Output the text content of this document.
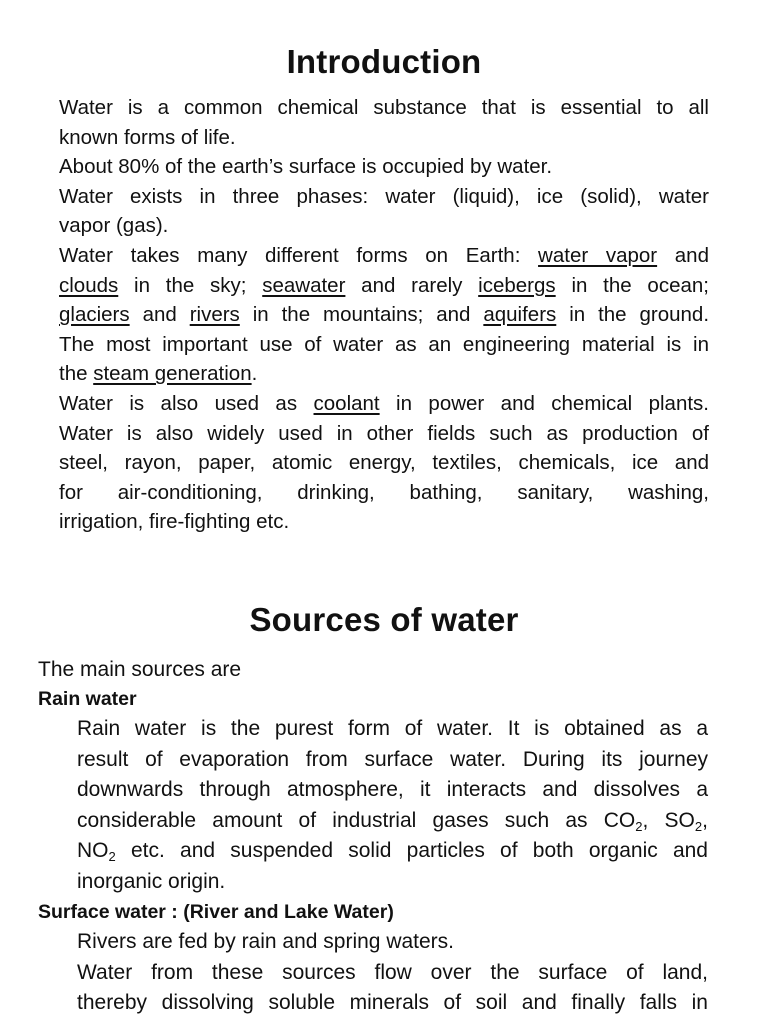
Introduction
Water is a common chemical substance that is essential to all
known forms of life.
About 80% of the earth’s surface is occupied by water.
Water exists in three phases: water (liquid), ice (solid), water
vapor (gas).
Water takes many different forms on Earth: water vapor and
clouds in the sky; seawater and rarely icebergs in the ocean;
glaciers and rivers in the mountains; and aquifers in the ground.
The most important use of water as an engineering material is in
the steam generation.
Water is also used as coolant in power and chemical plants.
Water is also widely used in other fields such as production of
steel, rayon, paper, atomic energy, textiles, chemicals, ice and
for air-conditioning, drinking, bathing, sanitary, washing,
irrigation, fire-fighting etc.
Sources of water

The main sources are

Rain water
Rain water is the purest form of water. It is obtained as a
result of evaporation from surface water. During its journey
downwards through atmosphere, it interacts and dissolves a
considerable amount of industrial gases such as $CO_2$, $SO_2$,
$NO_2$ etc. and suspended solid particles of both organic and
inorganic origin.
Surface water : (River and Lake Water)
Rivers are fed by rain and spring waters.
Water from these sources flow over the surface of land,
thereby dissolving soluble minerals of soil and finally falls in
